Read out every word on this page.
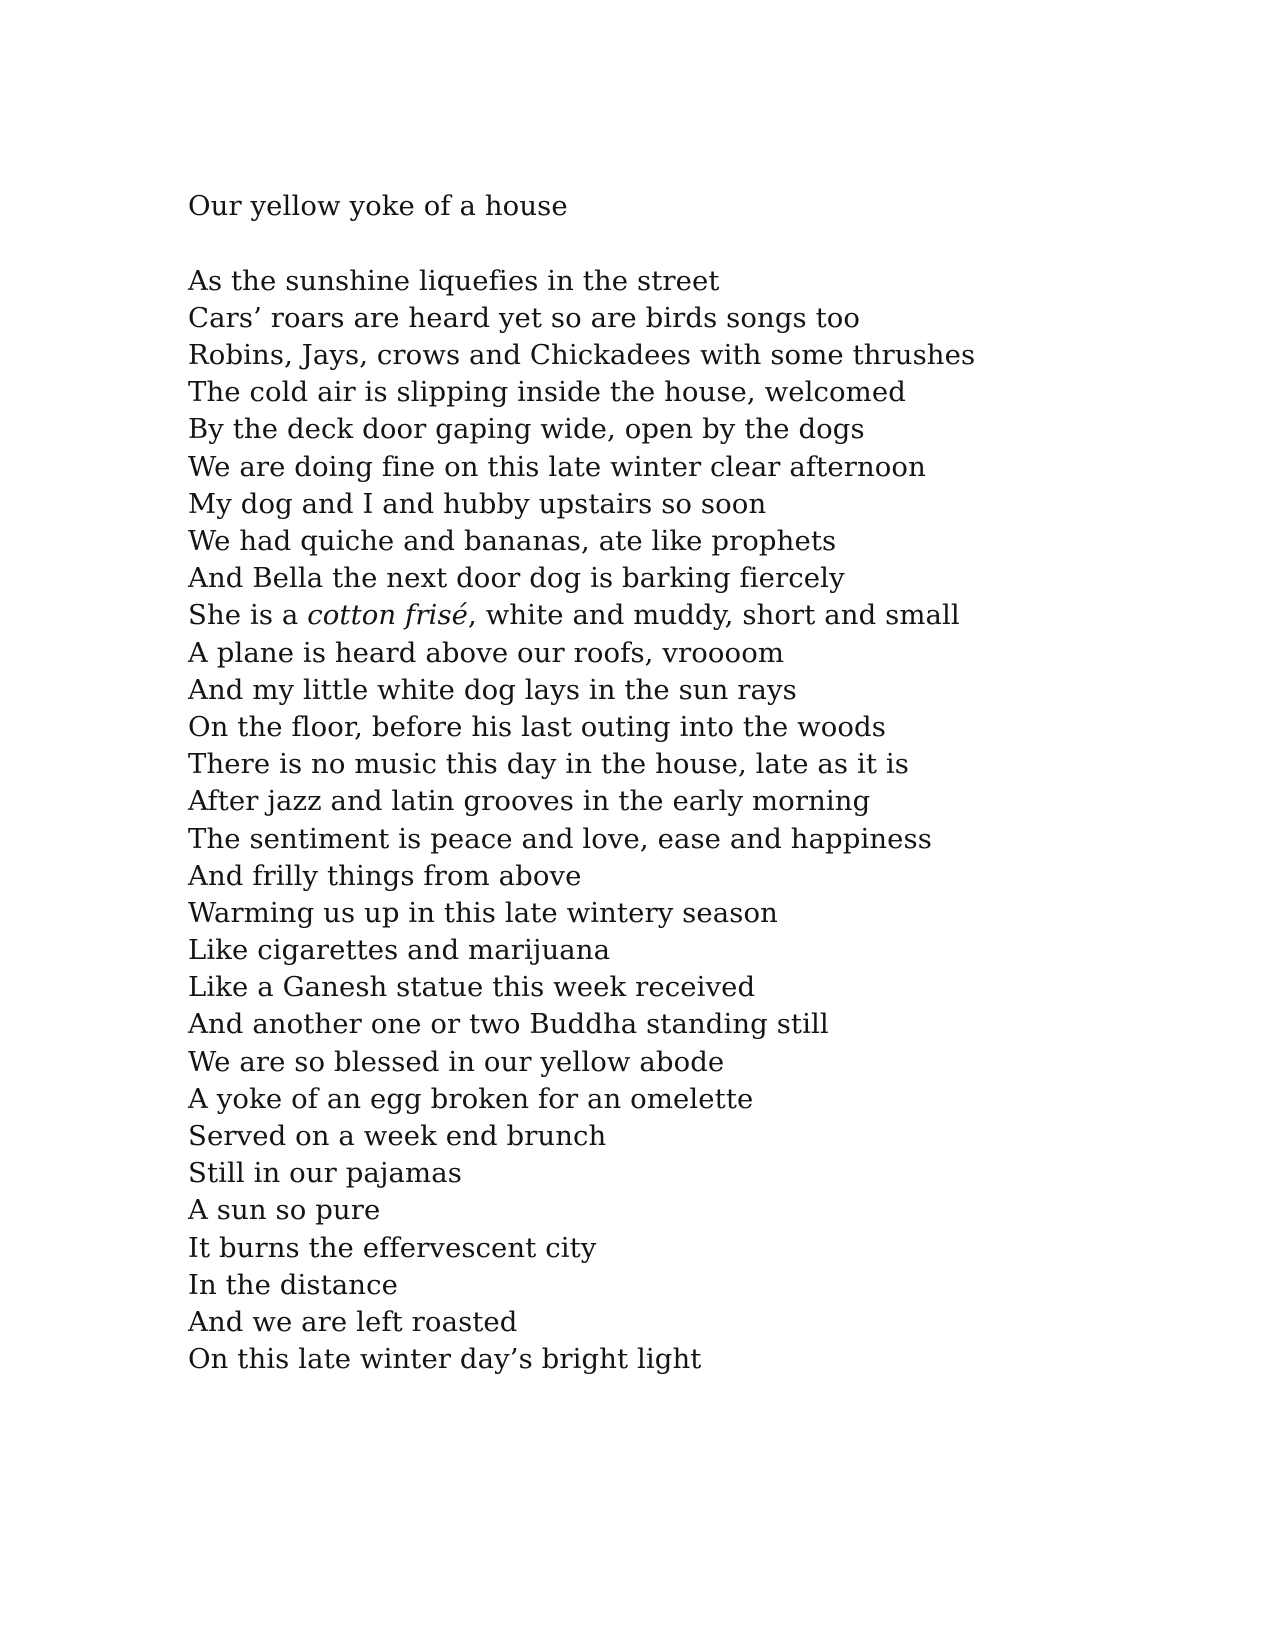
Our yellow yoke of a house
As the sunshine liquefies in the street
Cars’ roars are heard yet so are birds songs too
Robins, Jays, crows and Chickadees with some thrushes
The cold air is slipping inside the house, welcomed
By the deck door gaping wide, open by the dogs
We are doing fine on this late winter clear afternoon
My dog and I and hubby upstairs so soon
We had quiche and bananas, ate like prophets
And Bella the next door dog is barking fiercely
She is a cotton frisé, white and muddy, short and small
A plane is heard above our roofs, vroooom
And my little white dog lays in the sun rays
On the floor, before his last outing into the woods
There is no music this day in the house, late as it is
After jazz and latin grooves in the early morning
The sentiment is peace and love, ease and happiness
And frilly things from above
Warming us up in this late wintery season
Like cigarettes and marijuana
Like a Ganesh statue this week received
And another one or two Buddha standing still
We are so blessed in our yellow abode
A yoke of an egg broken for an omelette
Served on a week end brunch
Still in our pajamas
A sun so pure
It burns the effervescent city
In the distance
And we are left roasted
On this late winter day’s bright light
